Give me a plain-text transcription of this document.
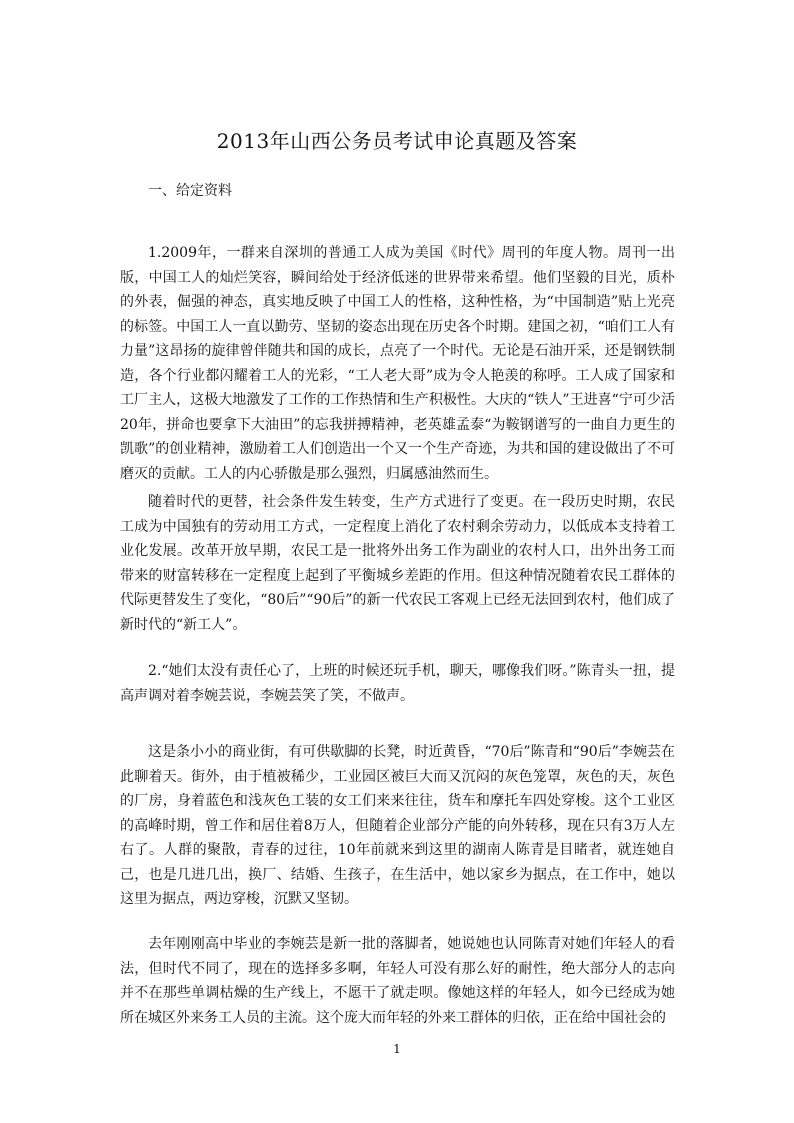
2013年山西公务员考试申论真题及答案
一、给定资料

1.2009年，一群来自深圳的普通工人成为美国《时代》周刊的年度人物。周刊一出版，中国工人的灿烂笑容，瞬间给处于经济低迷的世界带来希望。他们坚毅的目光，质朴的外表，倔强的神态，真实地反映了中国工人的性格，这种性格，为“中国制造”贴上光亮的标签。中国工人一直以勤劳、坚韧的姿态出现在历史各个时期。建国之初，“咱们工人有力量”这昂扬的旋律曾伴随共和国的成长，点亮了一个时代。无论是石油开采，还是钢铁制造，各个行业都闪耀着工人的光彩，“工人老大哥”成为令人艳羡的称呼。工人成了国家和工厂主人，这极大地激发了工作的工作热情和生产积极性。大庆的“铁人”王进喜“宁可少活20年，拼命也要拿下大油田”的忘我拼搏精神，老英雄孟泰“为鞍钢谱写的一曲自力更生的凯歌”的创业精神，激励着工人们创造出一个又一个生产奇迹，为共和国的建设做出了不可磨灭的贡献。工人的内心骄傲是那么强烈，归属感油然而生。

随着时代的更替，社会条件发生转变，生产方式进行了变更。在一段历史时期，农民工成为中国独有的劳动用工方式，一定程度上消化了农村剩余劳动力，以低成本支持着工业化发展。改革开放早期，农民工是一批将外出务工作为副业的农村人口，出外出务工而带来的财富转移在一定程度上起到了平衡城乡差距的作用。但这种情况随着农民工群体的代际更替发生了变化，“80后”“90后”的新一代农民工客观上已经无法回到农村，他们成了新时代的“新工人”。

2.“她们太没有责任心了，上班的时候还玩手机，聊天，哪像我们呀。”陈青头一扭，提高声调对着李婉芸说，李婉芸笑了笑，不做声。

这是条小小的商业街，有可供歇脚的长凳，时近黄昏，“70后”陈青和“90后”李婉芸在此聊着天。街外，由于植被稀少，工业园区被巨大而又沉闷的灰色笼罩，灰色的天，灰色的厂房，身着蓝色和浅灰色工装的女工们来来往往，货车和摩托车四处穿梭。这个工业区的高峰时期，曾工作和居住着8万人，但随着企业部分产能的向外转移，现在只有3万人左右了。人群的聚散，青春的过往，10年前就来到这里的湖南人陈青是目睹者，就连她自己，也是几进几出，换厂、结婚、生孩子，在生活中，她以家乡为据点，在工作中，她以这里为据点，两边穿梭，沉默又坚韧。

去年刚刚高中毕业的李婉芸是新一批的落脚者，她说她也认同陈青对她们年轻人的看法，但时代不同了，现在的选择多多啊，年轻人可没有那么好的耐性，绝大部分人的志向并不在那些单调枯燥的生产线上，不愿干了就走呗。像她这样的年轻人，如今已经成为她所在城区外来务工人员的主流。这个庞大而年轻的外来工群体的归依，正在给中国社会的

1
